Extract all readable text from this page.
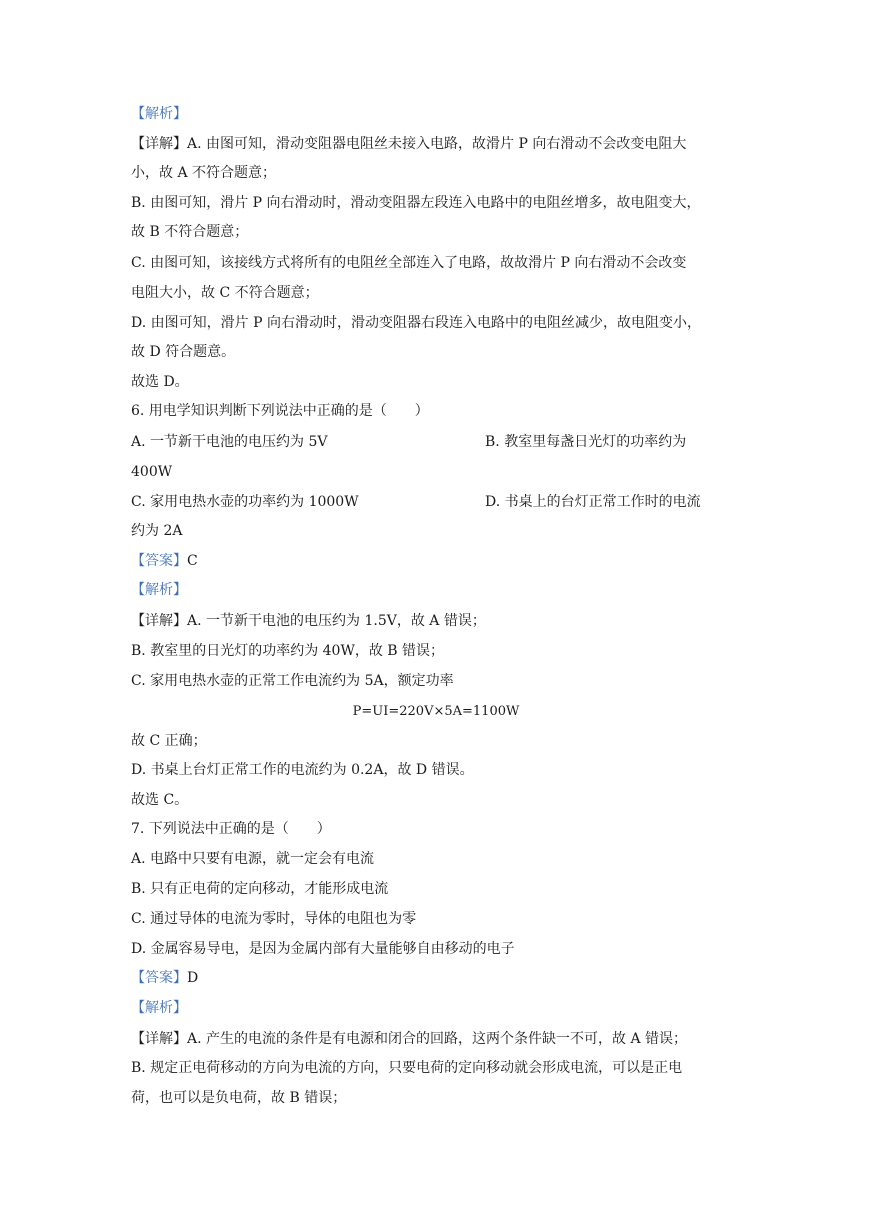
【解析】
【详解】A. 由图可知，滑动变阻器电阻丝未接入电路，故滑片 P 向右滑动不会改变电阻大
小，故 A 不符合题意；
B. 由图可知，滑片 P 向右滑动时，滑动变阻器左段连入电路中的电阻丝增多，故电阻变大，
故 B 不符合题意；
C. 由图可知，该接线方式将所有的电阻丝全部连入了电路，故故滑片 P 向右滑动不会改变
电阻大小，故 C 不符合题意；
D. 由图可知，滑片 P 向右滑动时，滑动变阻器右段连入电路中的电阻丝减少，故电阻变小，
故 D 符合题意。
故选 D。
6. 用电学知识判断下列说法中正确的是（　　）
A. 一节新干电池的电压约为 5V	B. 教室里每盏日光灯的功率约为
400W
C. 家用电热水壶的功率约为 1000W	D. 书桌上的台灯正常工作时的电流
约为 2A
【答案】C
【解析】
【详解】A. 一节新干电池的电压约为 1.5V，故 A 错误；
B. 教室里的日光灯的功率约为 40W，故 B 错误；
C. 家用电热水壶的正常工作电流约为 5A，额定功率
P=UI=220V×5A=1100W
故 C 正确；
D. 书桌上台灯正常工作的电流约为 0.2A，故 D 错误。
故选 C。
7. 下列说法中正确的是（　　）
A. 电路中只要有电源，就一定会有电流
B. 只有正电荷的定向移动，才能形成电流
C. 通过导体的电流为零时，导体的电阻也为零
D. 金属容易导电，是因为金属内部有大量能够自由移动的电子
【答案】D
【解析】
【详解】A. 产生的电流的条件是有电源和闭合的回路，这两个条件缺一不可，故 A 错误；
B. 规定正电荷移动的方向为电流的方向，只要电荷的定向移动就会形成电流，可以是正电
荷，也可以是负电荷，故 B 错误；
